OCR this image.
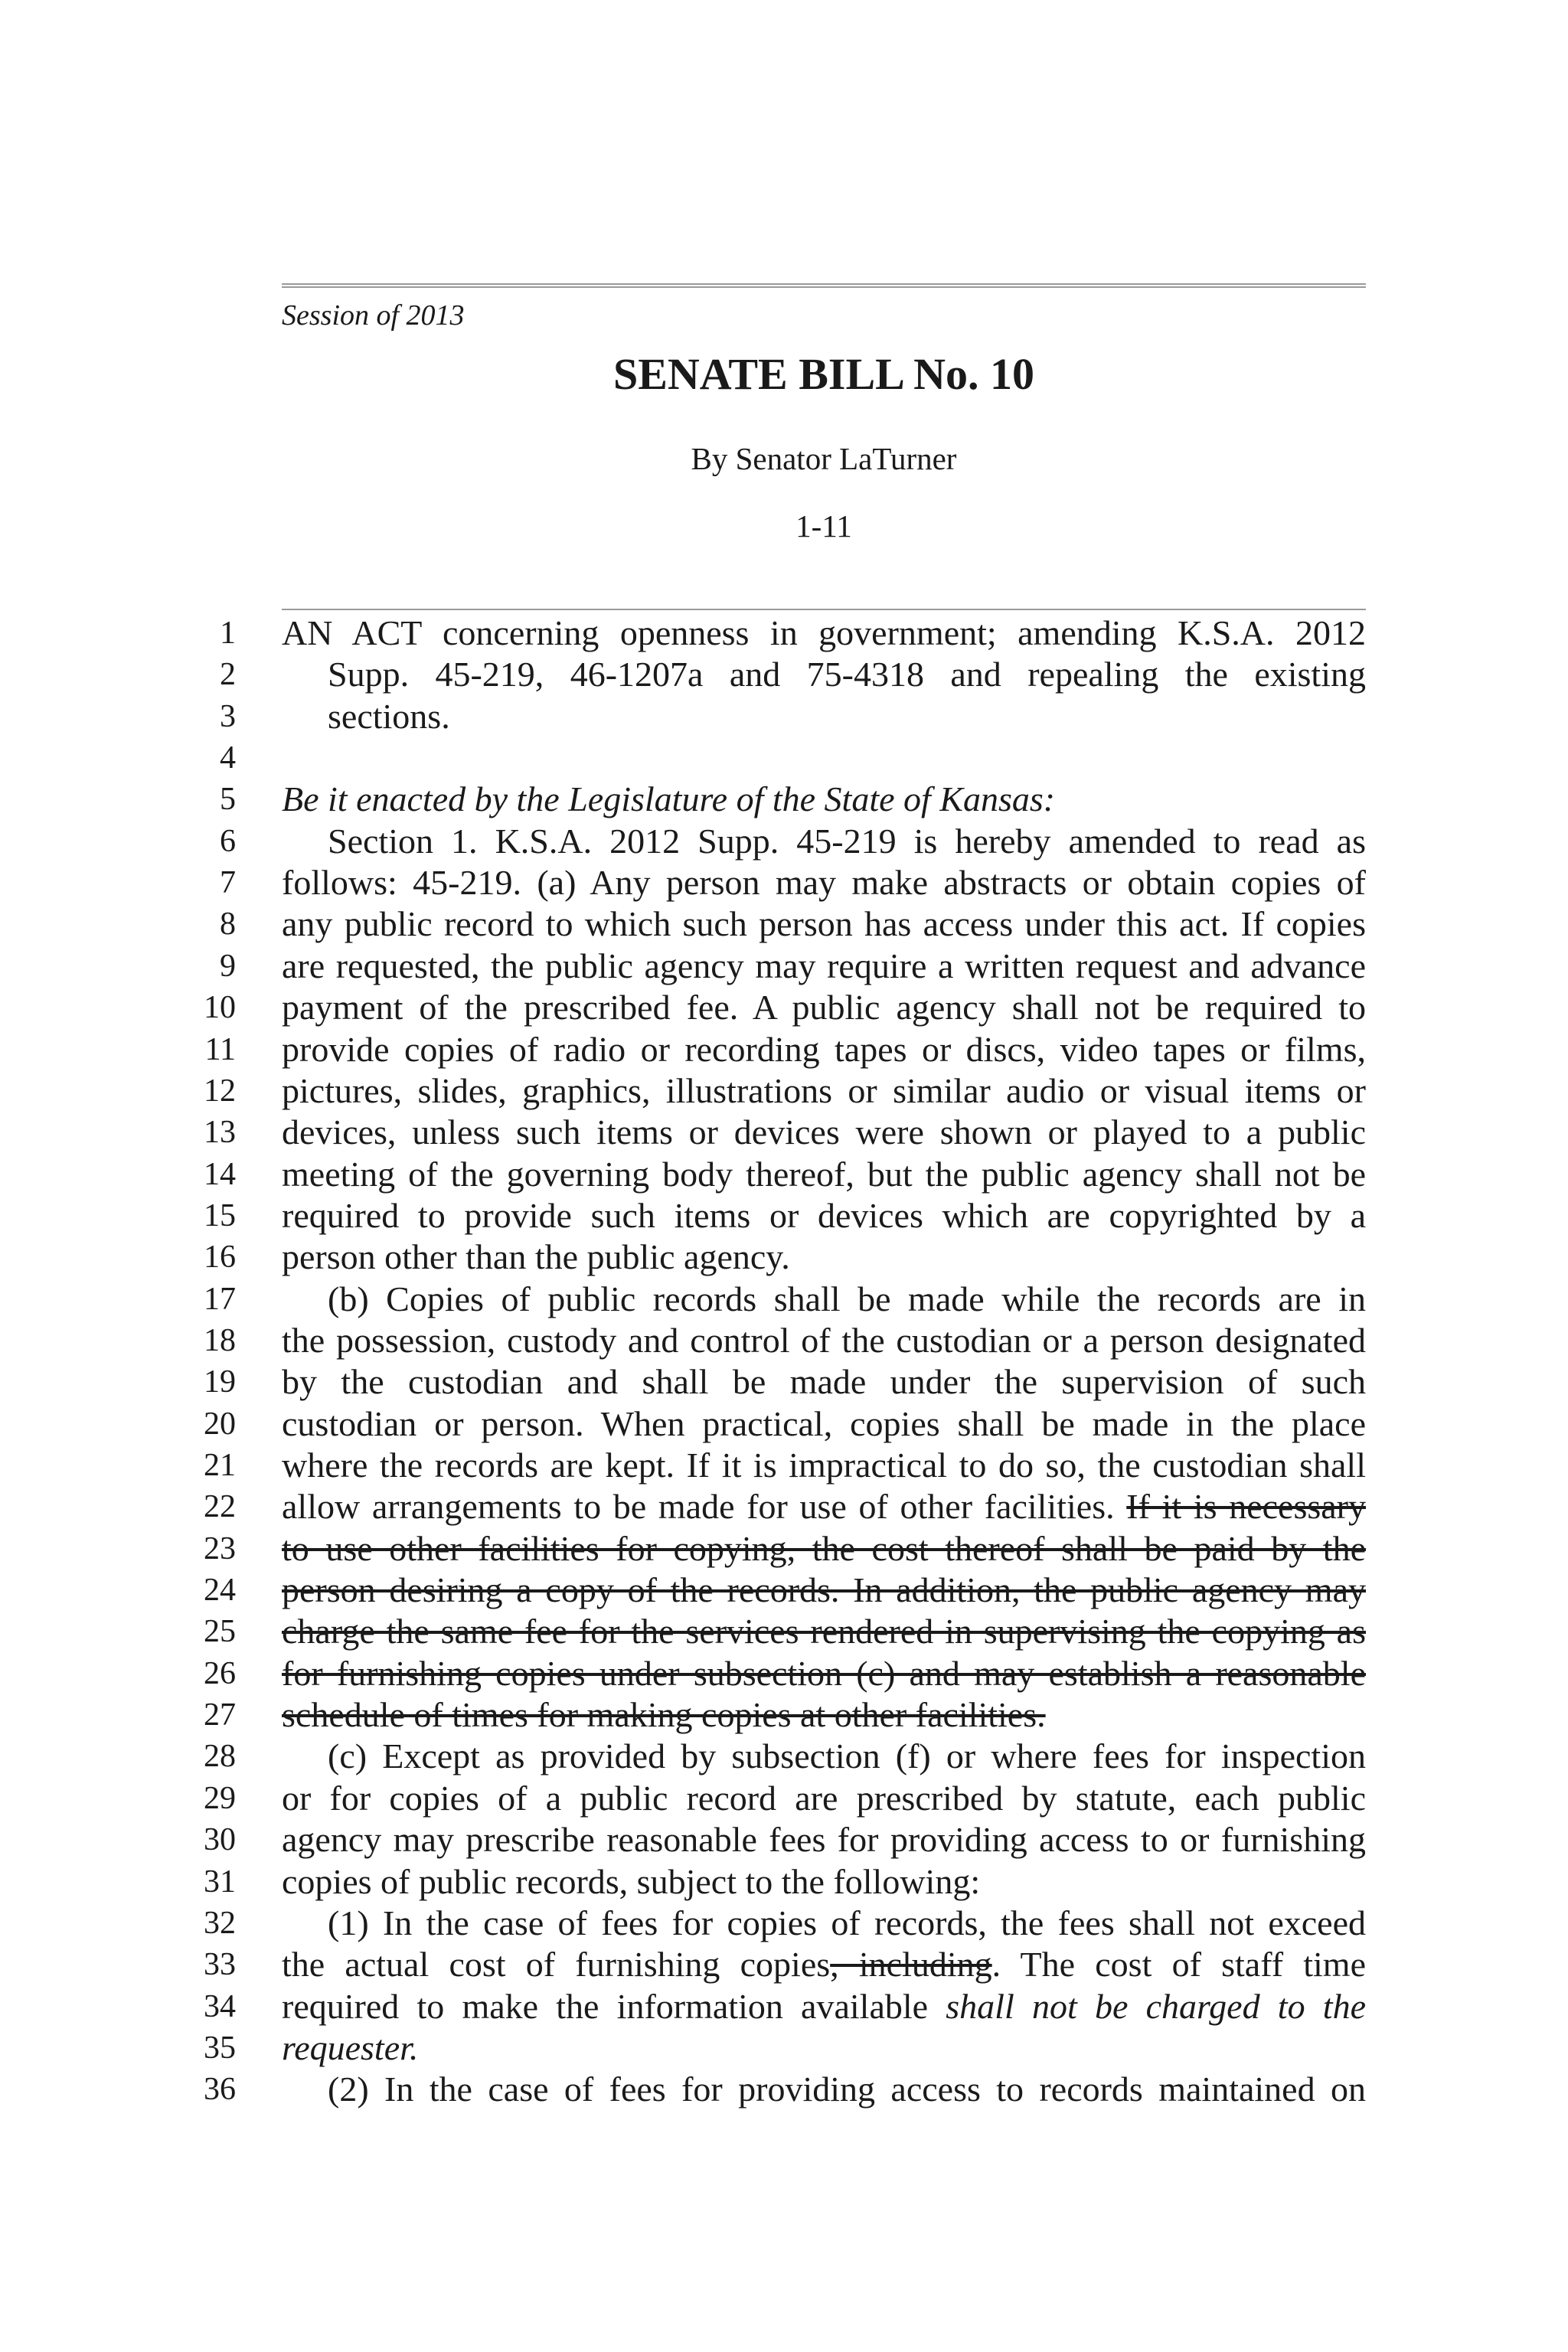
Session of 2013
SENATE BILL No. 10
By Senator LaTurner
1-11
1 AN ACT concerning openness in government; amending K.S.A. 2012
2	Supp. 45-219, 46-1207a and 75-4318 and repealing the existing
3	sections.
4
5 Be it enacted by the Legislature of the State of Kansas:
6	Section 1. K.S.A. 2012 Supp. 45-219 is hereby amended to read as
7 follows: 45-219. (a) Any person may make abstracts or obtain copies of
8 any public record to which such person has access under this act. If copies
9 are requested, the public agency may require a written request and advance
10 payment of the prescribed fee. A public agency shall not be required to
11 provide copies of radio or recording tapes or discs, video tapes or films,
12 pictures, slides, graphics, illustrations or similar audio or visual items or
13 devices, unless such items or devices were shown or played to a public
14 meeting of the governing body thereof, but the public agency shall not be
15 required to provide such items or devices which are copyrighted by a
16 person other than the public agency.
17	(b) Copies of public records shall be made while the records are in
18 the possession, custody and control of the custodian or a person designated
19 by the custodian and shall be made under the supervision of such
20 custodian or person. When practical, copies shall be made in the place
21 where the records are kept. If it is impractical to do so, the custodian shall
22 allow arrangements to be made for use of other facilities. If it is necessary
23 to use other facilities for copying, the cost thereof shall be paid by the
24 person desiring a copy of the records. In addition, the public agency may
25 charge the same fee for the services rendered in supervising the copying as
26 for furnishing copies under subsection (c) and may establish a reasonable
27 schedule of times for making copies at other facilities.
28	(c) Except as provided by subsection (f) or where fees for inspection
29 or for copies of a public record are prescribed by statute, each public
30 agency may prescribe reasonable fees for providing access to or furnishing
31 copies of public records, subject to the following:
32	(1) In the case of fees for copies of records, the fees shall not exceed
33 the actual cost of furnishing copies, including. The cost of staff time
34 required to make the information available shall not be charged to the
35 requester.
36	(2) In the case of fees for providing access to records maintained on
